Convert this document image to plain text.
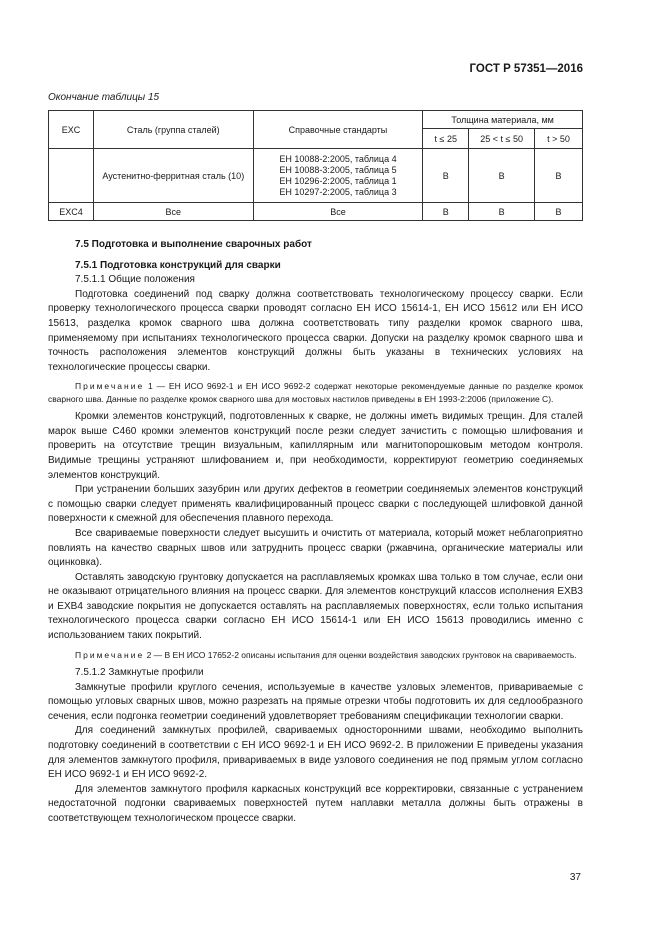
ГОСТ Р 57351—2016
Окончание таблицы 15
EXC	Сталь (группа сталей)	Справочные стандарты	Толщина материала, мм		
			t ≤ 25	25 < t ≤ 50	t > 50
	Аустенитно-ферритная сталь (10)	ЕН 10088-2:2005, таблица 4
ЕН 10088-3:2005, таблица 5
ЕН 10296-2:2005, таблица 1
ЕН 10297-2:2005, таблица 3	B	B	B
EXC4	Все	Все	B	B	B
7.5 Подготовка и выполнение сварочных работ
7.5.1 Подготовка конструкций для сварки
7.5.1.1 Общие положения

Подготовка соединений под сварку должна соответствовать технологическому процессу сварки. Если проверку технологического процесса сварки проводят согласно ЕН ИСО 15614-1, ЕН ИСО 15612 или ЕН ИСО 15613, разделка кромок сварного шва должна соответствовать типу разделки кромок сварного шва, применяемому при испытаниях технологического процесса сварки. Допуски на разделку кромок сварного шва и точность расположения элементов конструкций должны быть указаны в технических условиях на технологические процессы сварки.

Примечание 1 — ЕН ИСО 9692-1 и ЕН ИСО 9692-2 содержат некоторые рекомендуемые данные по разделке кромок сварного шва. Данные по разделке кромок сварного шва для мостовых настилов приведены в ЕН 1993-2:2006 (приложение С).

Кромки элементов конструкций, подготовленных к сварке, не должны иметь видимых трещин. Для сталей марок выше С460 кромки элементов конструкций после резки следует зачистить с помощью шлифования и проверить на отсутствие трещин визуальным, капиллярным или магнитопорошковым методом контроля. Видимые трещины устраняют шлифованием и, при необходимости, корректируют геометрию соединяемых элементов конструкций.

При устранении больших зазубрин или других дефектов в геометрии соединяемых элементов конструкций с помощью сварки следует применять квалифицированный процесс сварки с последующей шлифовкой данной поверхности к смежной для обеспечения плавного перехода.

Все свариваемые поверхности следует высушить и очистить от материала, который может неблагоприятно повлиять на качество сварных швов или затруднить процесс сварки (ржавчина, органические материалы или оцинковка).

Оставлять заводскую грунтовку допускается на расплавляемых кромках шва только в том случае, если они не оказывают отрицательного влияния на процесс сварки. Для элементов конструкций классов исполнения ЕХВ3 и ЕХВ4 заводские покрытия не допускается оставлять на расплавляемых поверхностях, если только испытания технологического процесса сварки согласно ЕН ИСО 15614-1 или ЕН ИСО 15613 проводились именно с использованием таких покрытий.

Примечание 2 — В ЕН ИСО 17652-2 описаны испытания для оценки воздействия заводских грунтовок на свариваемость.

7.5.1.2 Замкнутые профили

Замкнутые профили круглого сечения, используемые в качестве узловых элементов, привариваемые с помощью угловых сварных швов, можно разрезать на прямые отрезки чтобы подготовить их для седлообразного сечения, если подгонка геометрии соединений удовлетворяет требованиям спецификации технологии сварки.

Для соединений замкнутых профилей, свариваемых односторонними швами, необходимо выполнить подготовку соединений в соответствии с ЕН ИСО 9692-1 и ЕН ИСО 9692-2. В приложении Е приведены указания для элементов замкнутого профиля, привариваемых в виде узлового соединения не под прямым углом согласно ЕН ИСО 9692-1 и ЕН ИСО 9692-2.

Для элементов замкнутого профиля каркасных конструкций все корректировки, связанные с устранением недостаточной подгонки свариваемых поверхностей путем наплавки металла должны быть отражены в соответствующем технологическом процессе сварки.

37
